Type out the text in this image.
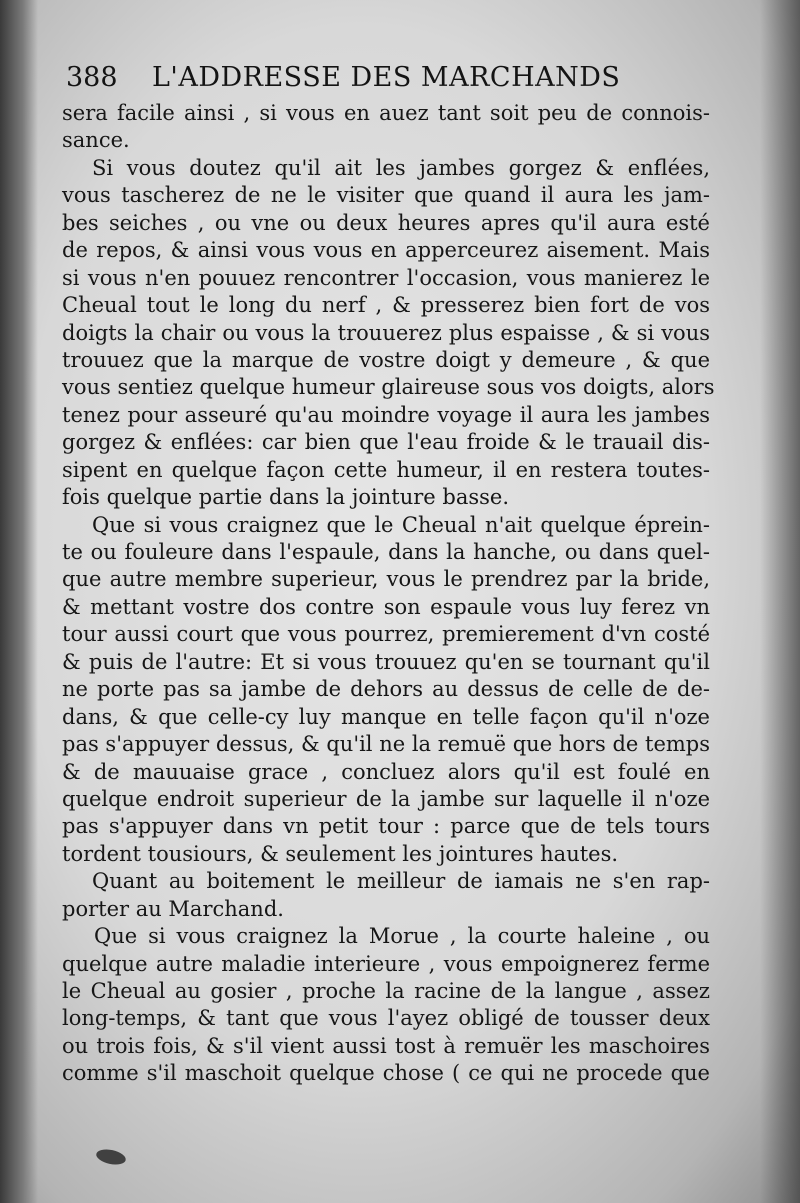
388 L'ADDRESSE DES MARCHANDS
sera facile ainsi , si vous en auez tant soit peu de connois-
sance.
Si vous doutez qu'il ait les jambes gorgez & enflées,
vous tascherez de ne le visiter que quand il aura les jam-
bes seiches , ou vne ou deux heures apres qu'il aura esté
de repos, & ainsi vous vous en apperceurez aisement. Mais
si vous n'en pouuez rencontrer l'occasion, vous manierez le
Cheual tout le long du nerf , & presserez bien fort de vos
doigts la chair ou vous la trouuerez plus espaisse , & si vous
trouuez que la marque de vostre doigt y demeure , & que
vous sentiez quelque humeur glaireuse sous vos doigts, alors
tenez pour asseuré qu'au moindre voyage il aura les jambes
gorgez & enflées: car bien que l'eau froide & le trauail dis-
sipent en quelque façon cette humeur, il en restera toutes-
fois quelque partie dans la jointure basse.
Que si vous craignez que le Cheual n'ait quelque éprein-
te ou fouleure dans l'espaule, dans la hanche, ou dans quel-
que autre membre superieur, vous le prendrez par la bride,
& mettant vostre dos contre son espaule vous luy ferez vn
tour aussi court que vous pourrez, premierement d'vn costé
& puis de l'autre: Et si vous trouuez qu'en se tournant qu'il
ne porte pas sa jambe de dehors au dessus de celle de de-
dans, & que celle-cy luy manque en telle façon qu'il n'oze
pas s'appuyer dessus, & qu'il ne la remuë que hors de temps
& de mauuaise grace , concluez alors qu'il est foulé en
quelque endroit superieur de la jambe sur laquelle il n'oze
pas s'appuyer dans vn petit tour : parce que de tels tours
tordent tousiours, & seulement les jointures hautes.
Quant au boitement le meilleur de iamais ne s'en rap-
porter au Marchand.
Que si vous craignez la Morue , la courte haleine , ou
quelque autre maladie interieure , vous empoignerez ferme
le Cheual au gosier , proche la racine de la langue , assez
long-temps, & tant que vous l'ayez obligé de tousser deux
ou trois fois, & s'il vient aussi tost à remuër les maschoires
comme s'il maschoit quelque chose ( ce qui ne procede que
